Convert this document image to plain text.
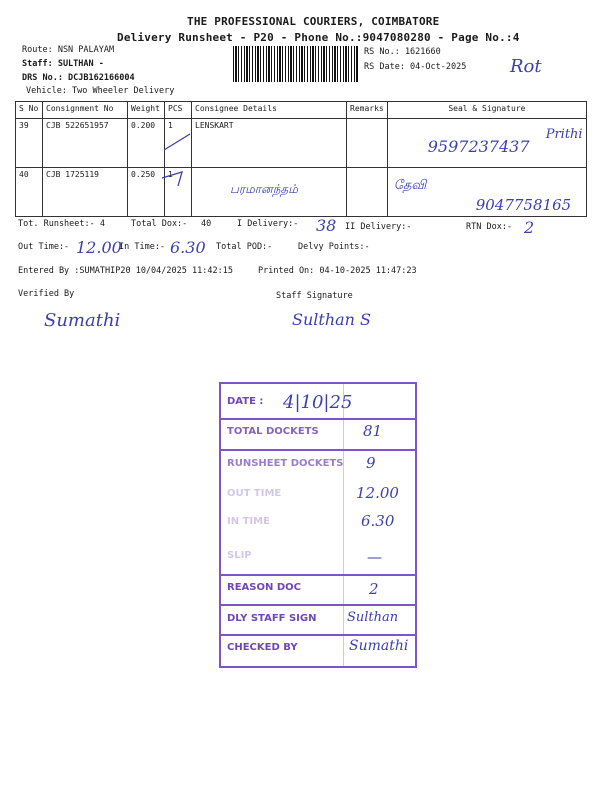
THE PROFESSIONAL COURIERS, COIMBATORE
Delivery Runsheet - P20 - Phone No.:9047080280 - Page No.:4
Route: NSN PALAYAM
Staff: SULTHAN -
DRS No.: DCJB162166004
Vehicle: Two Wheeler Delivery
RS No.: 1621660
RS Date: 04-Oct-2025 Rot
S No	Consignment No	Weight	PCS	Consignee Details	Remarks	Seal & Signature
39	CJB 522651957	0.200	1	LENSKART		9597237437
Prithi

40	CJB 1725119	0.250	1	பரமானந்தம்		தேவி
9047758165
Tot. Runsheet:- 4	Total Dox:- 40	I Delivery:- 38 II Delivery:-	RTN Dox:- 2
Out Time:- 12.00
In Time:- 6.30 Total POD:-	Delvy Points:-
Entered By :SUMATHIP20 10/04/2025 11:42:15	Printed On: 04-10-2025 11:47:23
Verified By
Sumathi
Staff Signature
Sulthan S
DATE : 4|10|25
TOTAL DOCKETS	81
RUNSHEET DOCKETS 9
OUT TIME	12.00
IN TIME	6.30
SLIP	—
REASON DOC	2
DLY STAFF SIGN Sulthan
CHECKED BY	Sumathi
